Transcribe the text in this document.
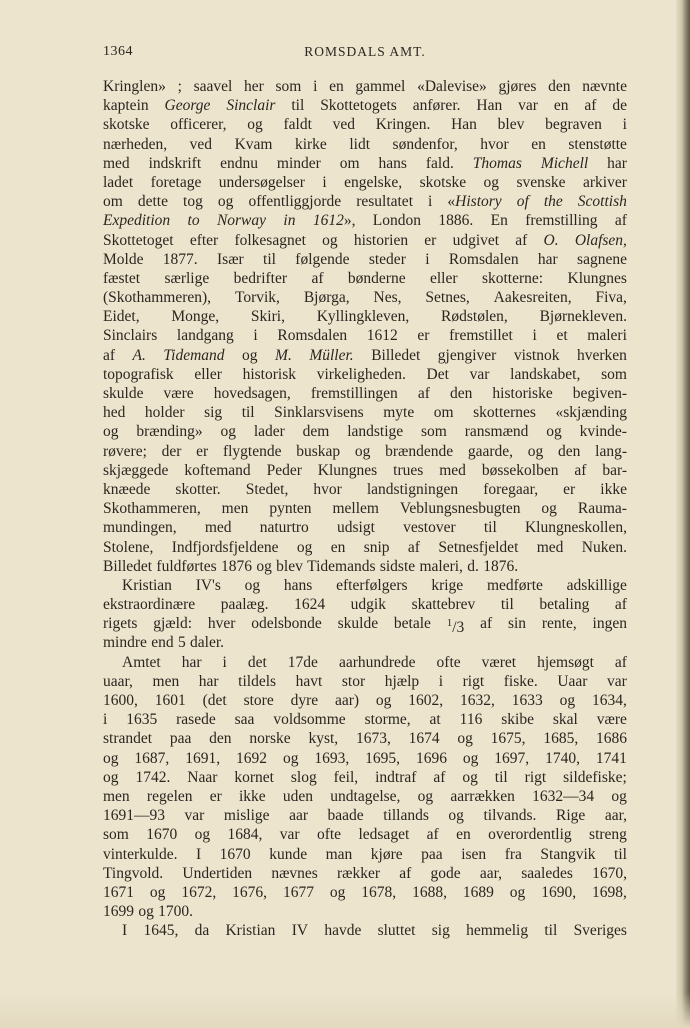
1364	ROMSDALS AMT.
Kringlen» ; saavel her som i en gammel «Dalevise» gjøres den nævnte
kaptein George Sinclair til Skottetogets anfører. Han var en af de
skotske officerer, og faldt ved Kringen. Han blev begraven i
nærheden, ved Kvam kirke lidt søndenfor, hvor en stenstøtte
med indskrift endnu minder om hans fald. Thomas Michell har
ladet foretage undersøgelser i engelske, skotske og svenske arkiver
om dette tog og offentliggjorde resultatet i «History of the Scottish
Expedition to Norway in 1612», London 1886. En fremstilling af
Skottetoget efter folkesagnet og historien er udgivet af O. Olafsen,
Molde 1877. Især til følgende steder i Romsdalen har sagnene
fæstet særlige bedrifter af bønderne eller skotterne: Klungnes
(Skothammeren), Torvik, Bjørga, Nes, Setnes, Aakesreiten, Fiva,
Eidet, Monge, Skiri, Kyllingkleven, Rødstølen, Bjørnekleven.
Sinclairs landgang i Romsdalen 1612 er fremstillet i et maleri
af A. Tidemand og M. Müller. Billedet gjengiver vistnok hverken
topografisk eller historisk virkeligheden. Det var landskabet, som
skulde være hovedsagen, fremstillingen af den historiske begiven-
hed holder sig til Sinklarsvisens myte om skotternes «skjænding
og brænding» og lader dem landstige som ransmænd og kvinde-
røvere; der er flygtende buskap og brændende gaarde, og den lang-
skjæggede koftemand Peder Klungnes trues med bøssekolben af bar-
knæede skotter. Stedet, hvor landstigningen foregaar, er ikke
Skothammeren, men pynten mellem Veblungsnesbugten og Rauma-
mundingen, med naturtro udsigt vestover til Klungneskollen,
Stolene, Indfjordsfjeldene og en snip af Setnesfjeldet med Nuken.
Billedet fuldførtes 1876 og blev Tidemands sidste maleri, d. 1876.
Kristian IV's og hans efterfølgers krige medførte adskillige
ekstraordinære paalæg. 1624 udgik skattebrev til betaling af
rigets gjæld: hver odelsbonde skulde betale $^1$/3 af sin rente, ingen
mindre end 5 daler.
Amtet har i det 17de aarhundrede ofte været hjemsøgt af
uaar, men har tildels havt stor hjælp i rigt fiske. Uaar var
1600, 1601 (det store dyre aar) og 1602, 1632, 1633 og 1634,
i 1635 rasede saa voldsomme storme, at 116 skibe skal være
strandet paa den norske kyst, 1673, 1674 og 1675, 1685, 1686
og 1687, 1691, 1692 og 1693, 1695, 1696 og 1697, 1740, 1741
og 1742. Naar kornet slog feil, indtraf af og til rigt sildefiske;
men regelen er ikke uden undtagelse, og aarrækken 1632—34 og
1691—93 var mislige aar baade tillands og tilvands. Rige aar,
som 1670 og 1684, var ofte ledsaget af en overordentlig streng
vinterkulde. I 1670 kunde man kjøre paa isen fra Stangvik til
Tingvold. Undertiden nævnes rækker af gode aar, saaledes 1670,
1671 og 1672, 1676, 1677 og 1678, 1688, 1689 og 1690, 1698,
1699 og 1700.
I 1645, da Kristian IV havde sluttet sig hemmelig til Sveriges
